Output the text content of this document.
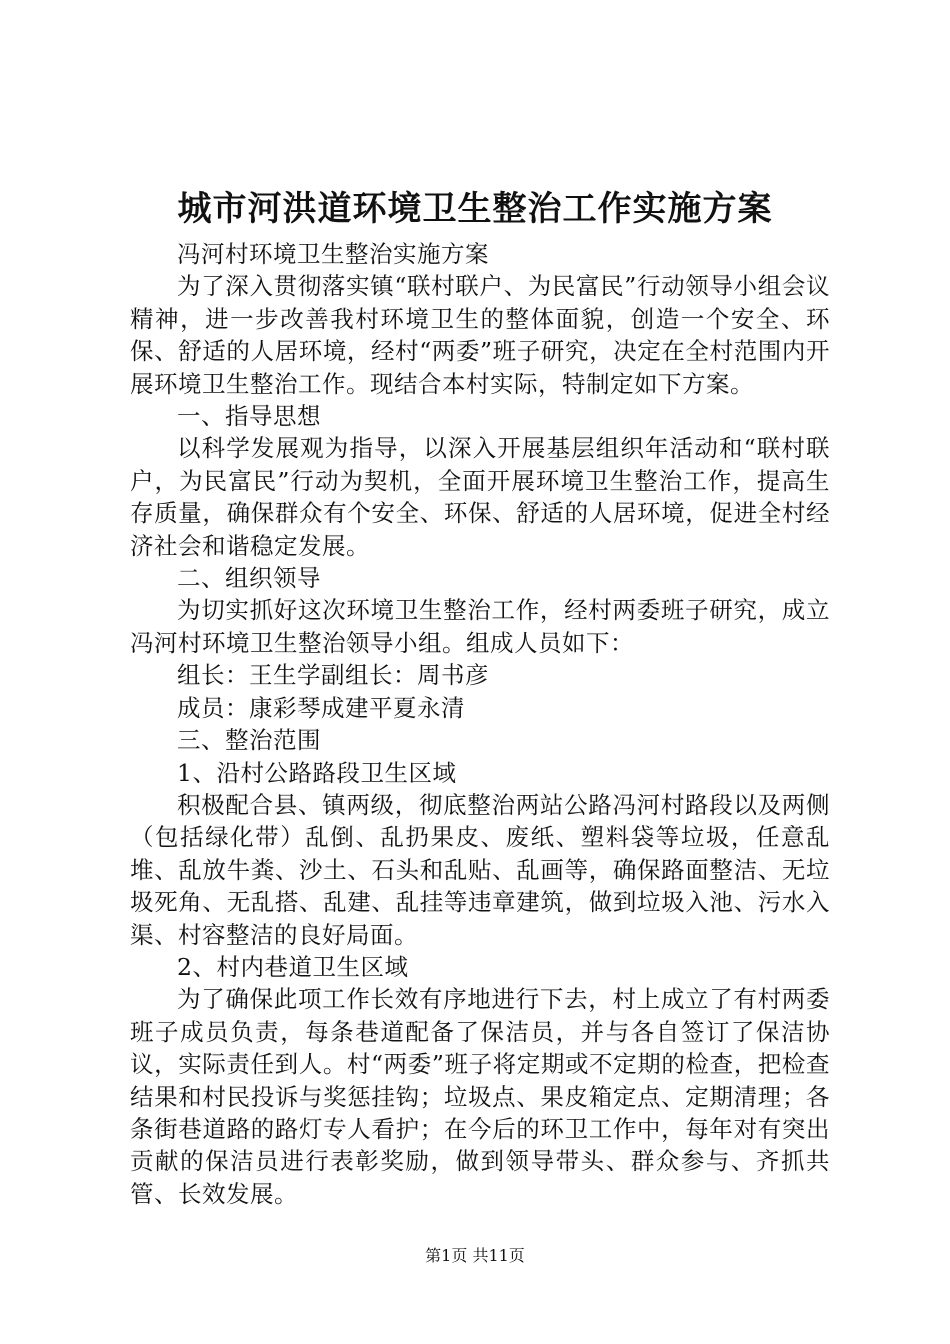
城市河洪道环境卫生整治工作实施方案

冯河村环境卫生整治实施方案

为了深入贯彻落实镇“联村联户、为民富民”行动领导小组会议精神，进一步改善我村环境卫生的整体面貌，创造一个安全、环保、舒适的人居环境，经村“两委”班子研究，决定在全村范围内开展环境卫生整治工作。现结合本村实际，特制定如下方案。

一、指导思想

以科学发展观为指导，以深入开展基层组织年活动和“联村联户，为民富民”行动为契机，全面开展环境卫生整治工作，提高生存质量，确保群众有个安全、环保、舒适的人居环境，促进全村经济社会和谐稳定发展。

二、组织领导

为切实抓好这次环境卫生整治工作，经村两委班子研究，成立冯河村环境卫生整治领导小组。组成人员如下：

组长：王生学副组长：周书彦

成员：康彩琴成建平夏永清

三、整治范围

1、沿村公路路段卫生区域

积极配合县、镇两级，彻底整治两站公路冯河村路段以及两侧（包括绿化带）乱倒、乱扔果皮、废纸、塑料袋等垃圾，任意乱堆、乱放牛粪、沙土、石头和乱贴、乱画等，确保路面整洁、无垃圾死角、无乱搭、乱建、乱挂等违章建筑，做到垃圾入池、污水入渠、村容整洁的良好局面。

2、村内巷道卫生区域

为了确保此项工作长效有序地进行下去，村上成立了有村两委班子成员负责，每条巷道配备了保洁员，并与各自签订了保洁协议，实际责任到人。村“两委”班子将定期或不定期的检查，把检查结果和村民投诉与奖惩挂钩；垃圾点、果皮箱定点、定期清理；各条街巷道路的路灯专人看护；在今后的环卫工作中，每年对有突出贡献的保洁员进行表彰奖励，做到领导带头、群众参与、齐抓共管、长效发展。

第1页 共11页
